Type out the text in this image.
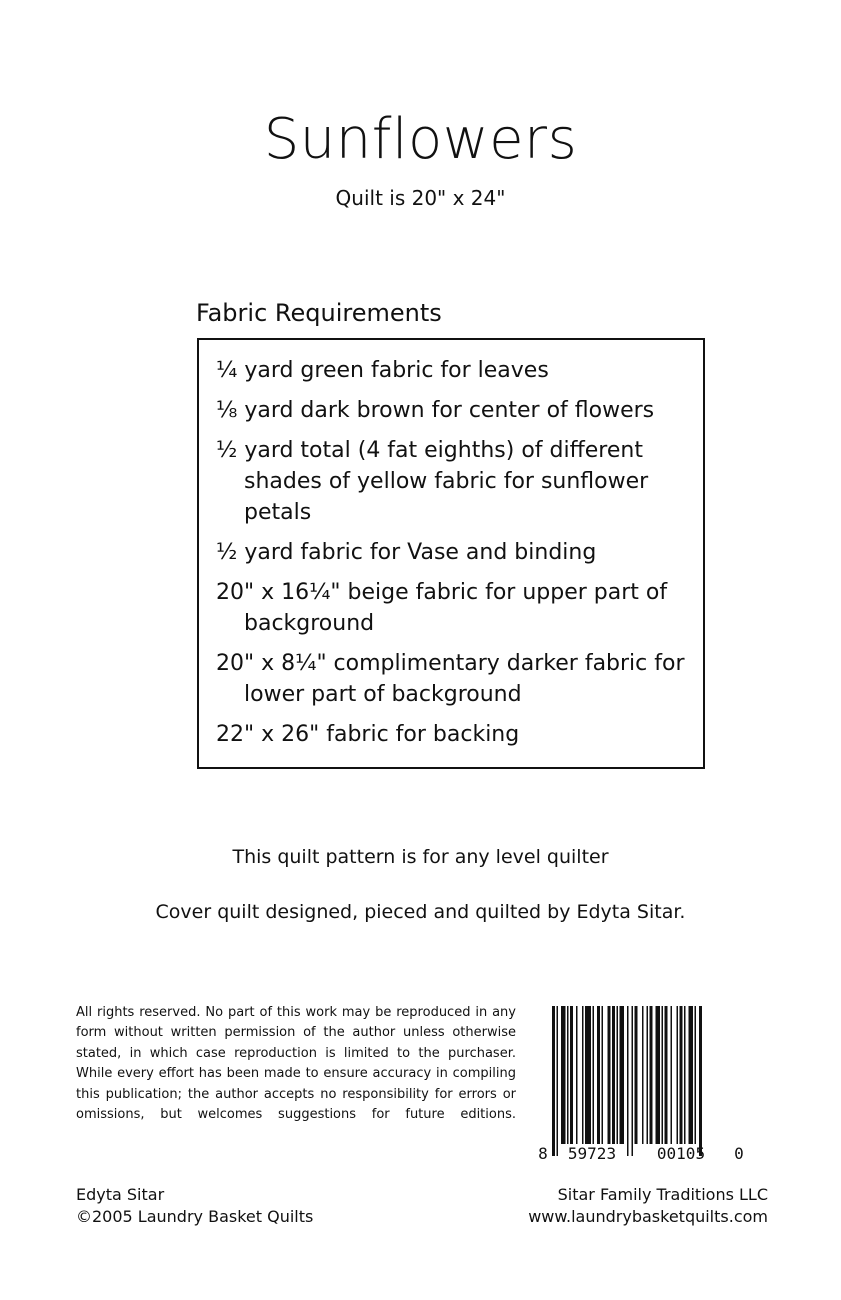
Sunflowers
Quilt is 20" x 24"
Fabric Requirements
¼ yard green fabric for leaves
⅛ yard dark brown for center of flowers
½ yard total (4 fat eighths) of different shades of yellow fabric for sunflower petals
½ yard fabric for Vase and binding
20" x 16¼" beige fabric for upper part of background
20" x 8¼" complimentary darker fabric for lower part of background
22" x 26" fabric for backing
This quilt pattern is for any level quilter
Cover quilt designed, pieced and quilted by Edyta Sitar.
All rights reserved. No part of this work may be reproduced in any form without written permission of the author unless otherwise stated, in which case reproduction is limited to the purchaser. While every effort has been made to ensure accuracy in compiling this publication; the author accepts no responsibility for errors or omissions, but welcomes suggestions for future editions.
8 59723	00105 0
Edyta Sitar
©2005 Laundry Basket Quilts
Sitar Family Traditions LLC
www.laundrybasketquilts.com
